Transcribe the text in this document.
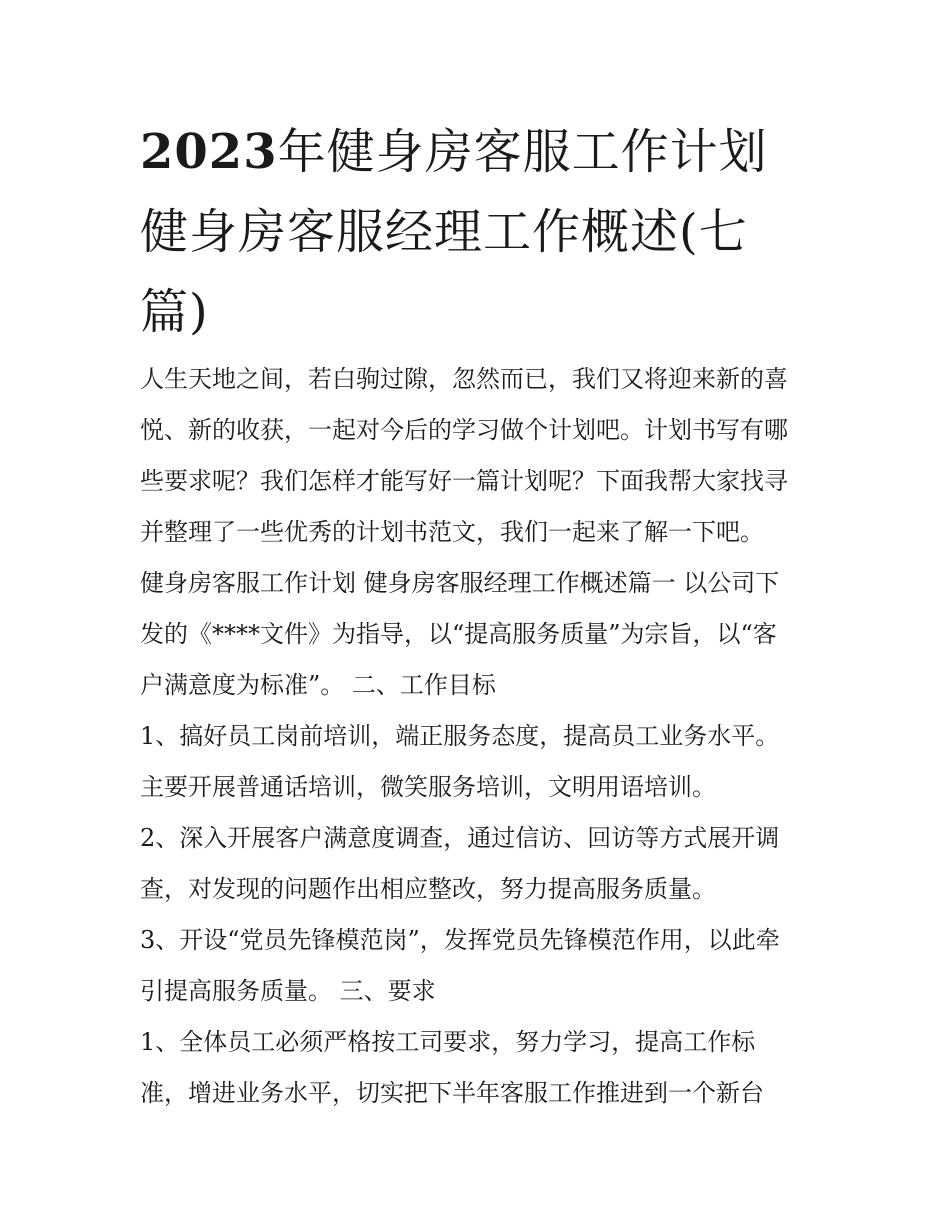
2023年健身房客服工作计划
健身房客服经理工作概述(七
篇)
人生天地之间，若白驹过隙，忽然而已，我们又将迎来新的喜
悦、新的收获，一起对今后的学习做个计划吧。计划书写有哪
些要求呢？我们怎样才能写好一篇计划呢？下面我帮大家找寻
并整理了一些优秀的计划书范文，我们一起来了解一下吧。
健身房客服工作计划 健身房客服经理工作概述篇一 以公司下
发的《****文件》为指导，以“提高服务质量”为宗旨，以“客
户满意度为标准”。 二、工作目标
1、搞好员工岗前培训，端正服务态度，提高员工业务水平。
主要开展普通话培训，微笑服务培训，文明用语培训。
2、深入开展客户满意度调查，通过信访、回访等方式展开调
查，对发现的问题作出相应整改，努力提高服务质量。
3、开设“党员先锋模范岗”，发挥党员先锋模范作用，以此牵
引提高服务质量。 三、要求
1、全体员工必须严格按工司要求，努力学习，提高工作标
准，增进业务水平，切实把下半年客服工作推进到一个新台
